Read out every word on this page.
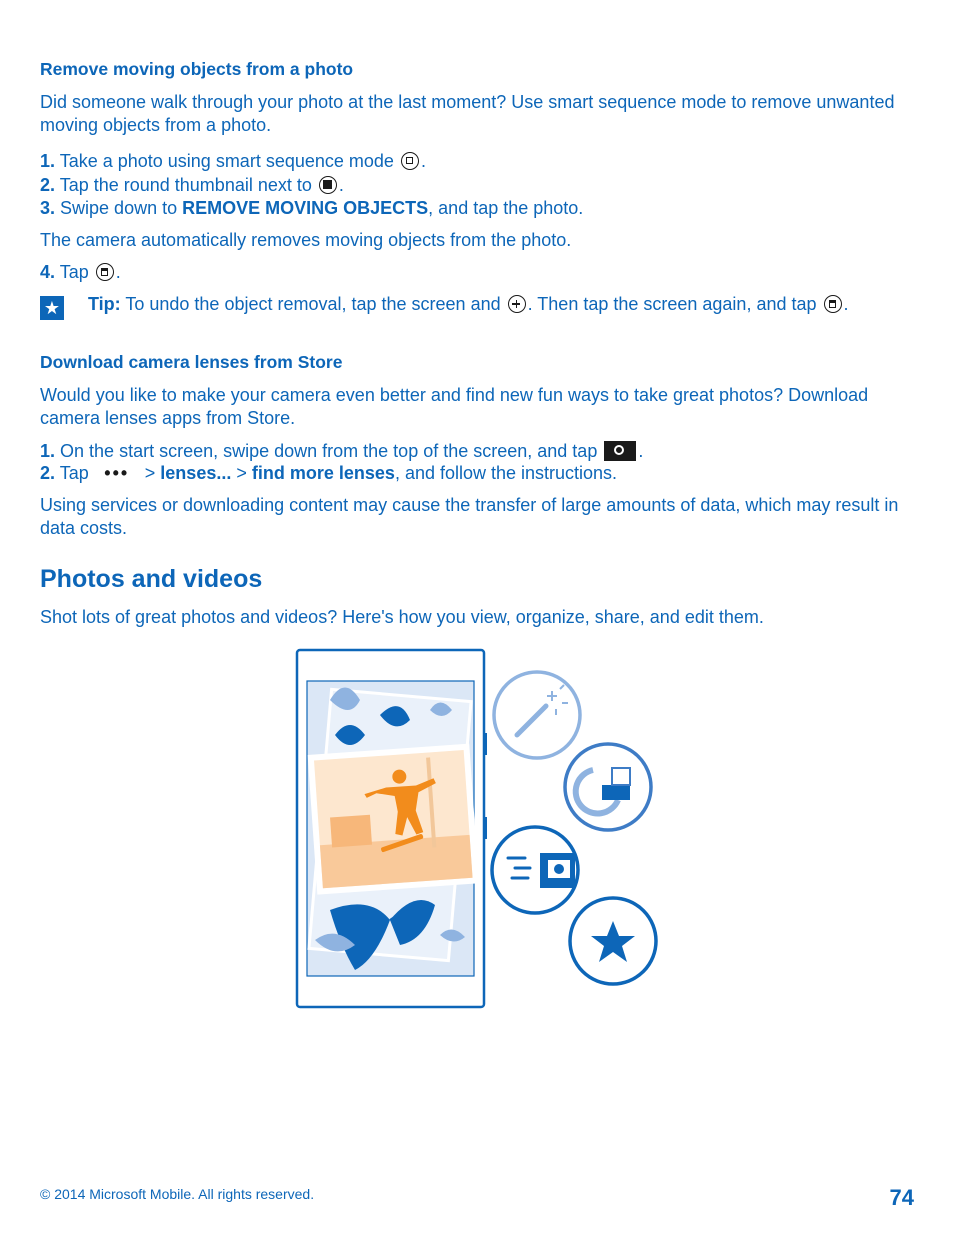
Remove moving objects from a photo
Did someone walk through your photo at the last moment? Use smart sequence mode to remove unwanted moving objects from a photo.
1. Take a photo using smart sequence mode .
2. Tap the round thumbnail next to .
3. Swipe down to REMOVE MOVING OBJECTS, and tap the photo.
The camera automatically removes moving objects from the photo.
4. Tap .
★ Tip: To undo the object removal, tap the screen and . Then tap the screen again, and tap .
Download camera lenses from Store
Would you like to make your camera even better and find new fun ways to take great photos? Download camera lenses apps from Store.
1. On the start screen, swipe down from the top of the screen, and tap .
2. Tap ••• > lenses... > find more lenses, and follow the instructions.
Using services or downloading content may cause the transfer of large amounts of data, which may result in data costs.
Photos and videos
Shot lots of great photos and videos? Here's how you view, organize, share, and edit them.
© 2014 Microsoft Mobile. All rights reserved.	74
